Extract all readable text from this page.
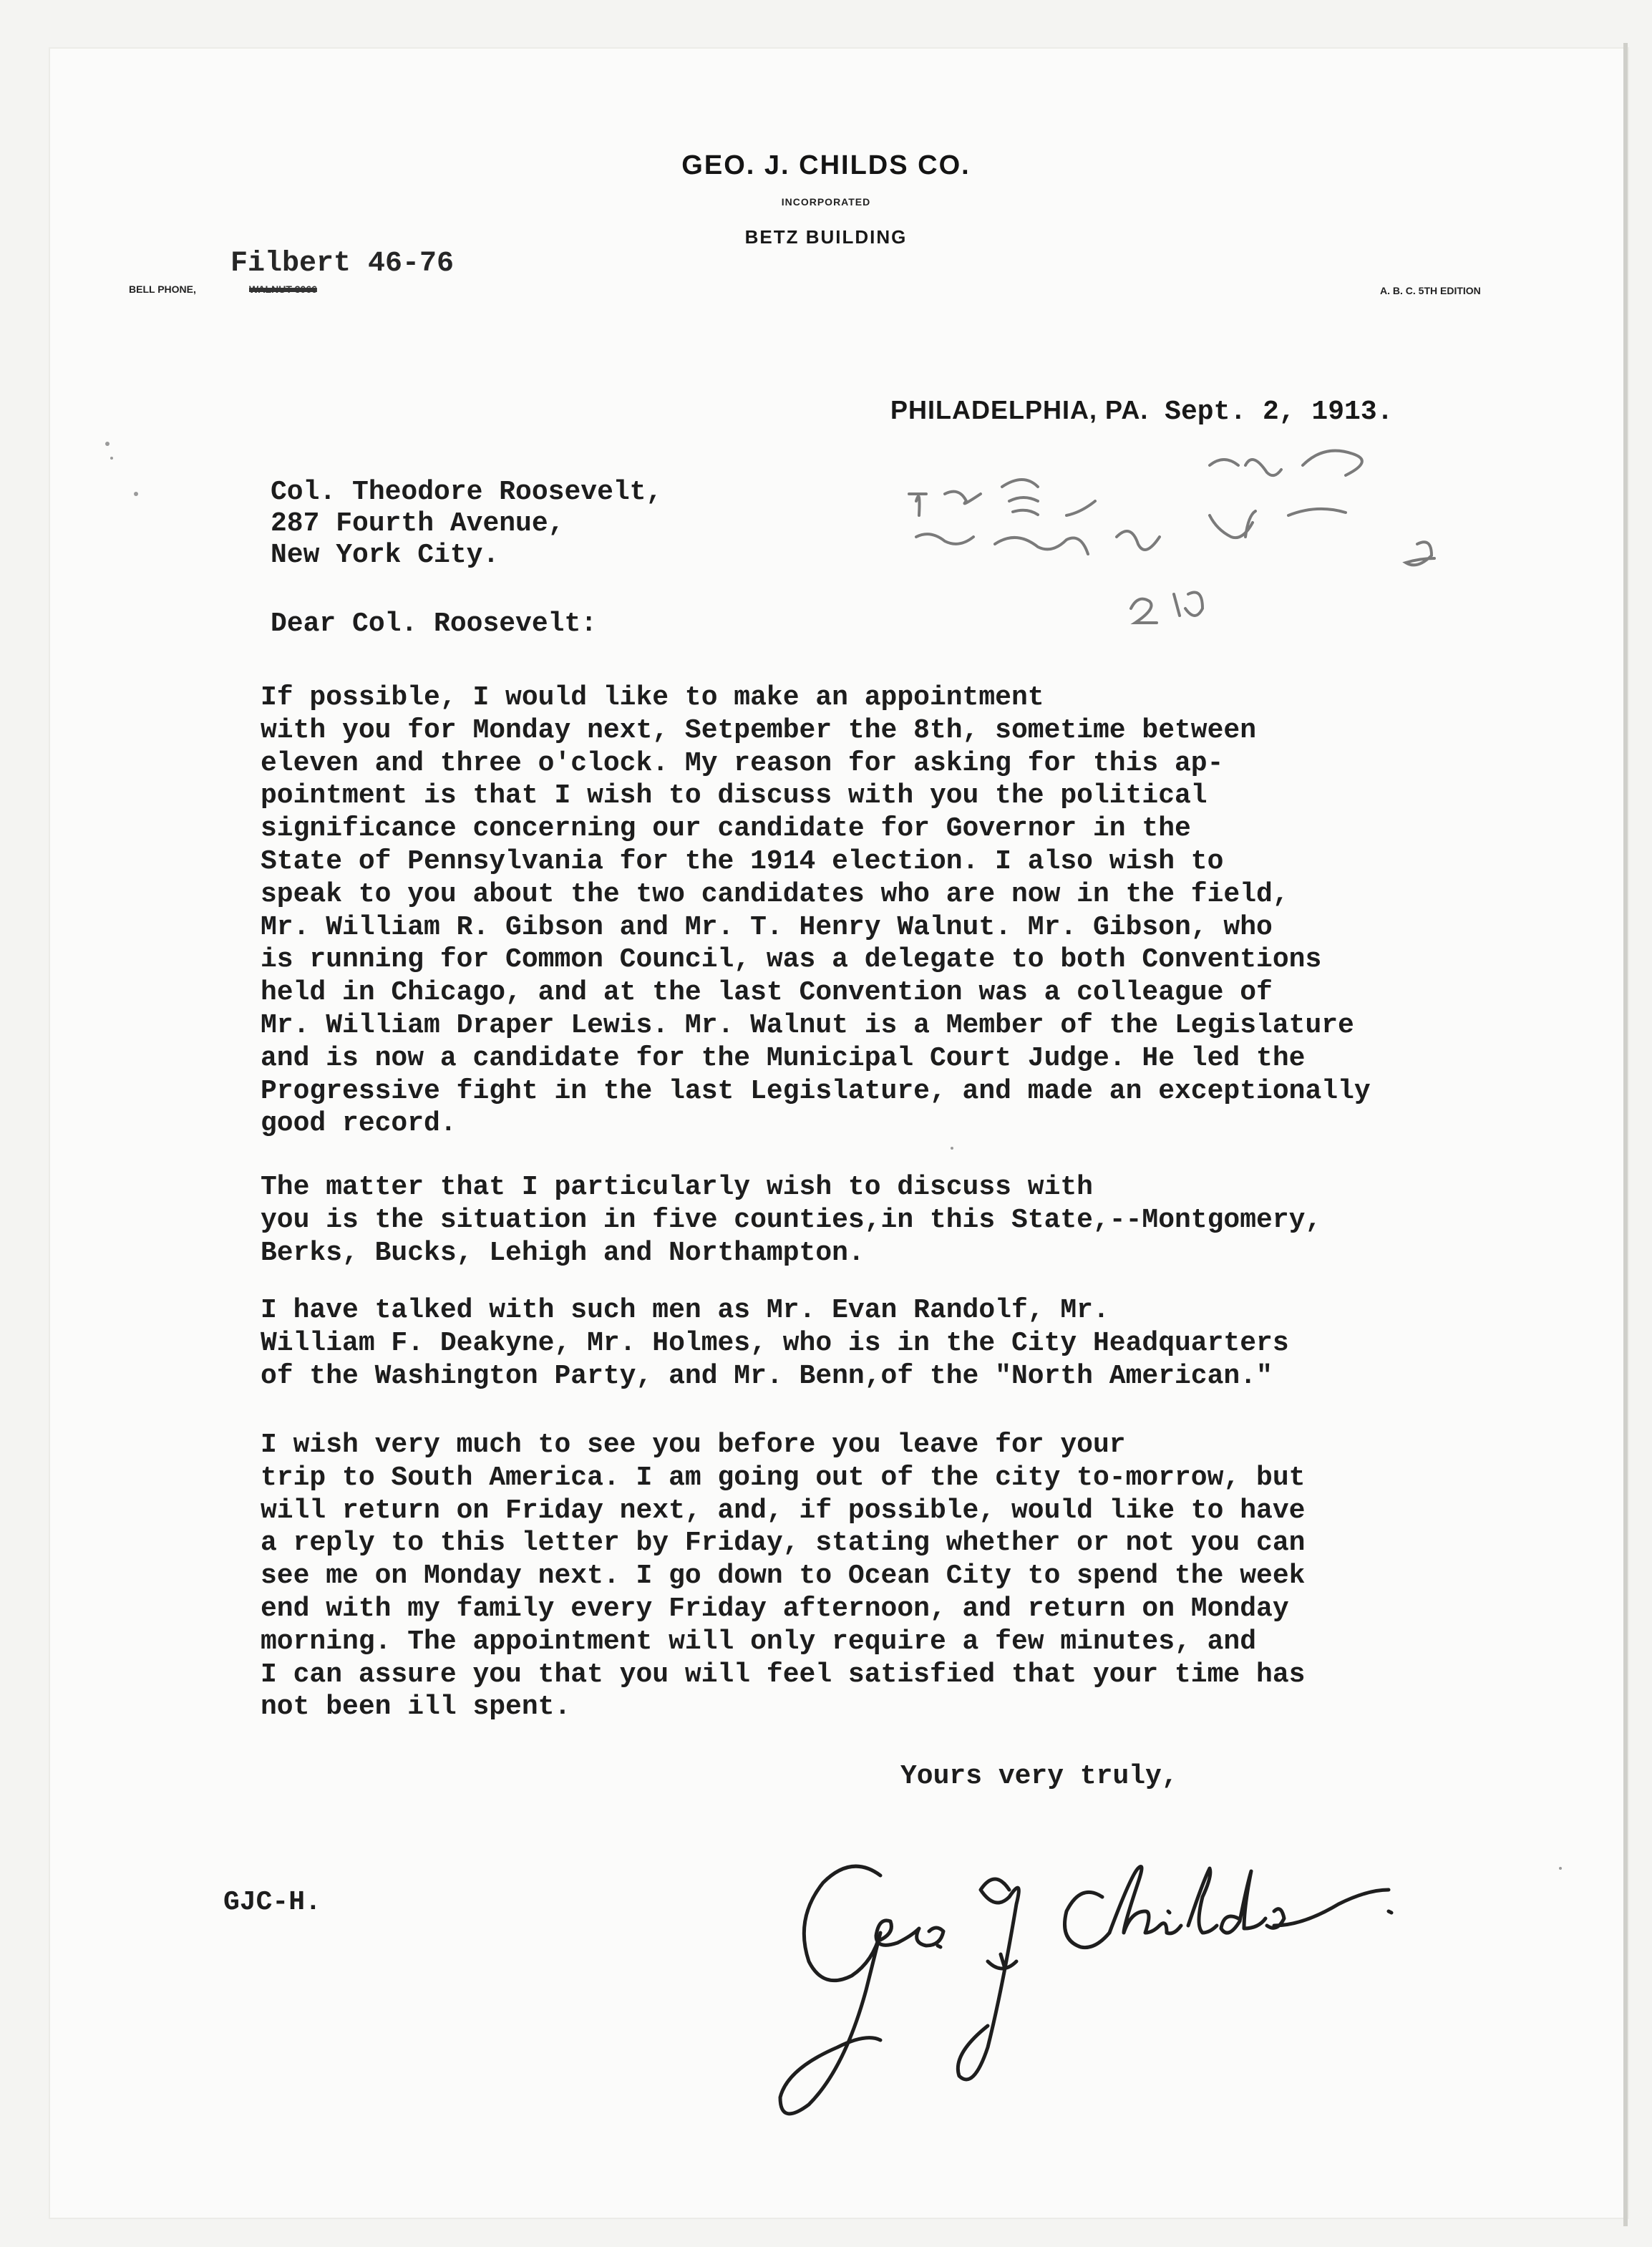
GEO. J. CHILDS CO.
INCORPORATED
BETZ BUILDING
Filbert 46-76
BELL PHONE,	WALNUT 3066	A. B. C. 5TH EDITION
PHILADELPHIA, PA. Sept. 2, 1913.
Col. Theodore Roosevelt,
287 Fourth Avenue,
New York City.
Dear Col. Roosevelt:
If possible, I would like to make an appointment
with you for Monday next, Setpember the 8th, sometime between
eleven and three o'clock. My reason for asking for this ap-
pointment is that I wish to discuss with you the political
significance concerning our candidate for Governor in the
State of Pennsylvania for the 1914 election. I also wish to
speak to you about the two candidates who are now in the field,
Mr. William R. Gibson and Mr. T. Henry Walnut. Mr. Gibson, who
is running for Common Council, was a delegate to both Conventions
held in Chicago, and at the last Convention was a colleague of
Mr. William Draper Lewis. Mr. Walnut is a Member of the Legislature
and is now a candidate for the Municipal Court Judge. He led the
Progressive fight in the last Legislature, and made an exceptionally
good record.
The matter that I particularly wish to discuss with
you is the situation in five counties,in this State,--Montgomery,
Berks, Bucks, Lehigh and Northampton.
I have talked with such men as Mr. Evan Randolf, Mr.
William F. Deakyne, Mr. Holmes, who is in the City Headquarters
of the Washington Party, and Mr. Benn,of the "North American."
I wish very much to see you before you leave for your
trip to South America. I am going out of the city to-morrow, but
will return on Friday next, and, if possible, would like to have
a reply to this letter by Friday, stating whether or not you can
see me on Monday next. I go down to Ocean City to spend the week
end with my family every Friday afternoon, and return on Monday
morning. The appointment will only require a few minutes, and
I can assure you that you will feel satisfied that your time has
not been ill spent.
Yours very truly,
GJC-H.
